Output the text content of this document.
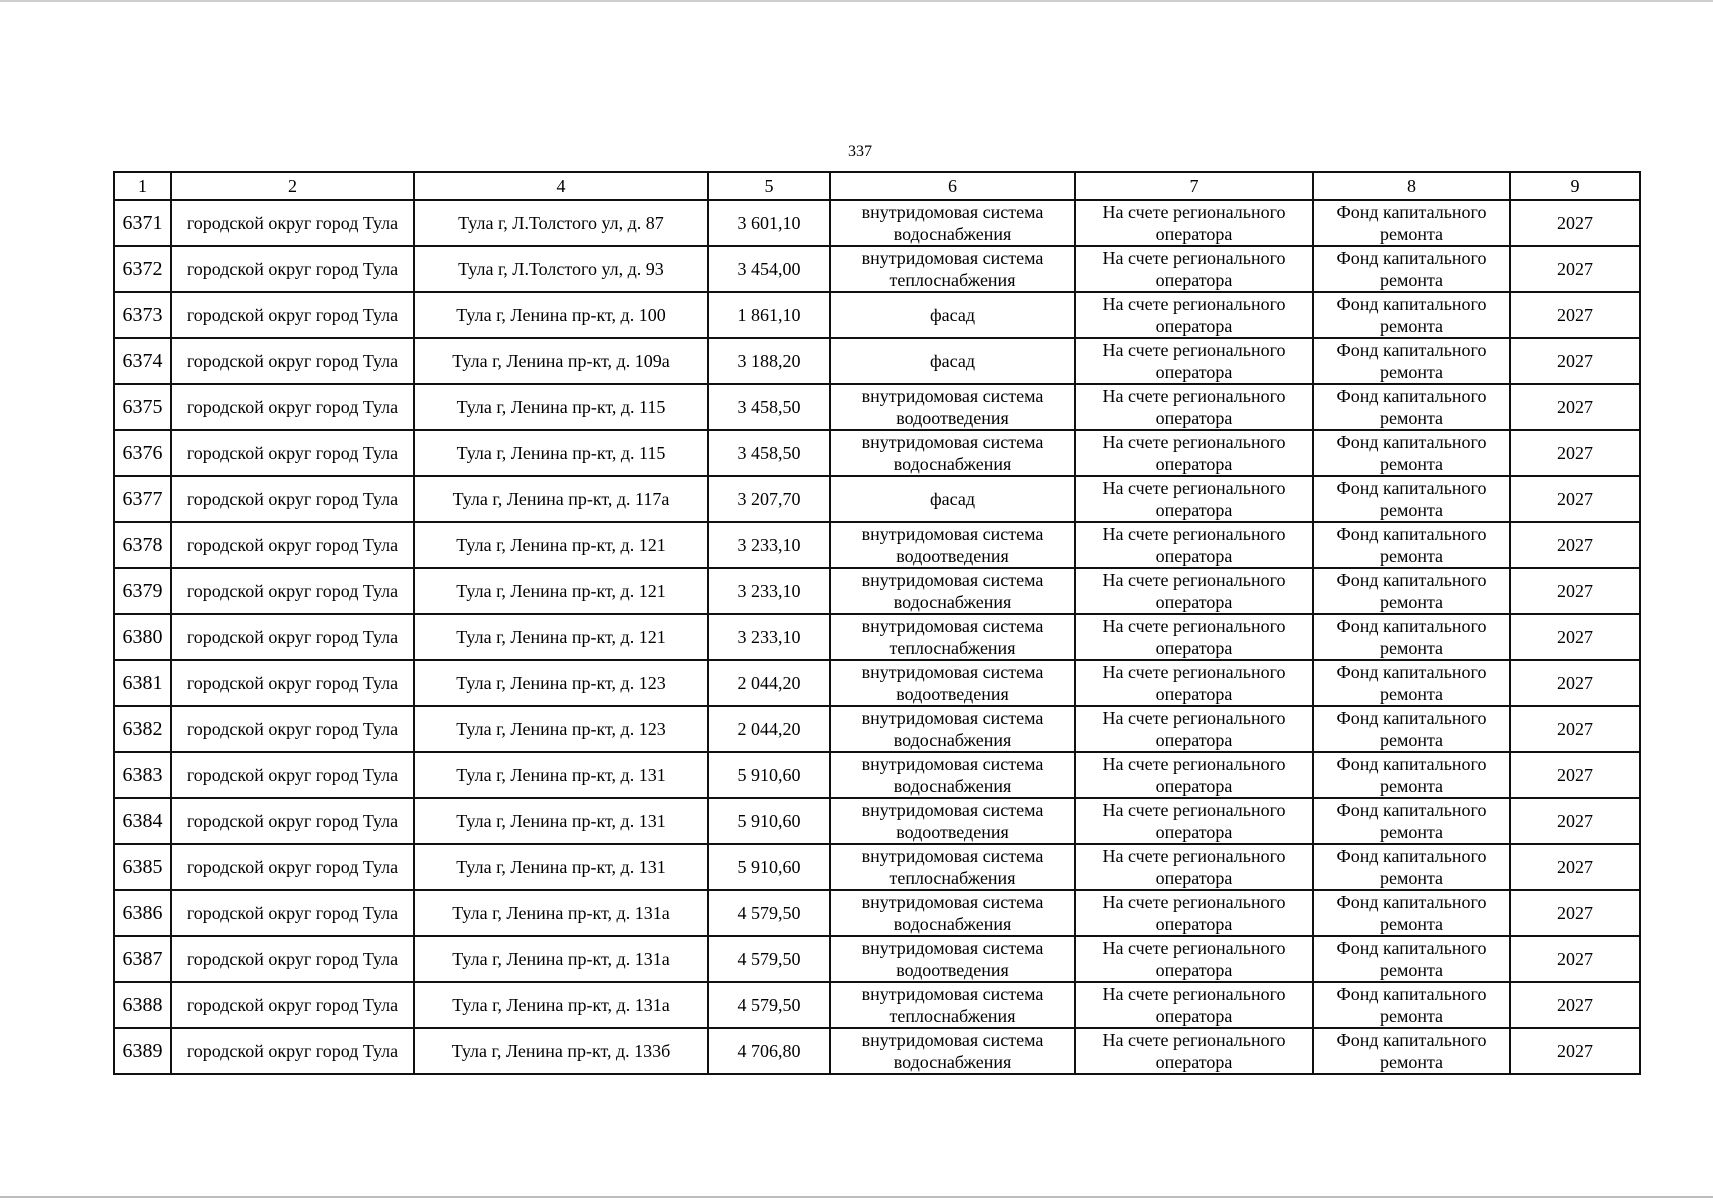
337
1	2	4	5	6	7	8	9
6371	городской округ город Тула	Тула г, Л.Толстого ул, д. 87	3 601,10	внутридомовая система водоснабжения	На счете регионального оператора	Фонд капитального ремонта	2027
6372	городской округ город Тула	Тула г, Л.Толстого ул, д. 93	3 454,00	внутридомовая система теплоснабжения	На счете регионального оператора	Фонд капитального ремонта	2027
6373	городской округ город Тула	Тула г, Ленина пр-кт, д. 100	1 861,10	фасад	На счете регионального оператора	Фонд капитального ремонта	2027
6374	городской округ город Тула	Тула г, Ленина пр-кт, д. 109а	3 188,20	фасад	На счете регионального оператора	Фонд капитального ремонта	2027
6375	городской округ город Тула	Тула г, Ленина пр-кт, д. 115	3 458,50	внутридомовая система водоотведения	На счете регионального оператора	Фонд капитального ремонта	2027
6376	городской округ город Тула	Тула г, Ленина пр-кт, д. 115	3 458,50	внутридомовая система водоснабжения	На счете регионального оператора	Фонд капитального ремонта	2027
6377	городской округ город Тула	Тула г, Ленина пр-кт, д. 117а	3 207,70	фасад	На счете регионального оператора	Фонд капитального ремонта	2027
6378	городской округ город Тула	Тула г, Ленина пр-кт, д. 121	3 233,10	внутридомовая система водоотведения	На счете регионального оператора	Фонд капитального ремонта	2027
6379	городской округ город Тула	Тула г, Ленина пр-кт, д. 121	3 233,10	внутридомовая система водоснабжения	На счете регионального оператора	Фонд капитального ремонта	2027
6380	городской округ город Тула	Тула г, Ленина пр-кт, д. 121	3 233,10	внутридомовая система теплоснабжения	На счете регионального оператора	Фонд капитального ремонта	2027
6381	городской округ город Тула	Тула г, Ленина пр-кт, д. 123	2 044,20	внутридомовая система водоотведения	На счете регионального оператора	Фонд капитального ремонта	2027
6382	городской округ город Тула	Тула г, Ленина пр-кт, д. 123	2 044,20	внутридомовая система водоснабжения	На счете регионального оператора	Фонд капитального ремонта	2027
6383	городской округ город Тула	Тула г, Ленина пр-кт, д. 131	5 910,60	внутридомовая система водоснабжения	На счете регионального оператора	Фонд капитального ремонта	2027
6384	городской округ город Тула	Тула г, Ленина пр-кт, д. 131	5 910,60	внутридомовая система водоотведения	На счете регионального оператора	Фонд капитального ремонта	2027
6385	городской округ город Тула	Тула г, Ленина пр-кт, д. 131	5 910,60	внутридомовая система теплоснабжения	На счете регионального оператора	Фонд капитального ремонта	2027
6386	городской округ город Тула	Тула г, Ленина пр-кт, д. 131а	4 579,50	внутридомовая система водоснабжения	На счете регионального оператора	Фонд капитального ремонта	2027
6387	городской округ город Тула	Тула г, Ленина пр-кт, д. 131а	4 579,50	внутридомовая система водоотведения	На счете регионального оператора	Фонд капитального ремонта	2027
6388	городской округ город Тула	Тула г, Ленина пр-кт, д. 131а	4 579,50	внутридомовая система теплоснабжения	На счете регионального оператора	Фонд капитального ремонта	2027
6389	городской округ город Тула	Тула г, Ленина пр-кт, д. 133б	4 706,80	внутридомовая система водоснабжения	На счете регионального оператора	Фонд капитального ремонта	2027
